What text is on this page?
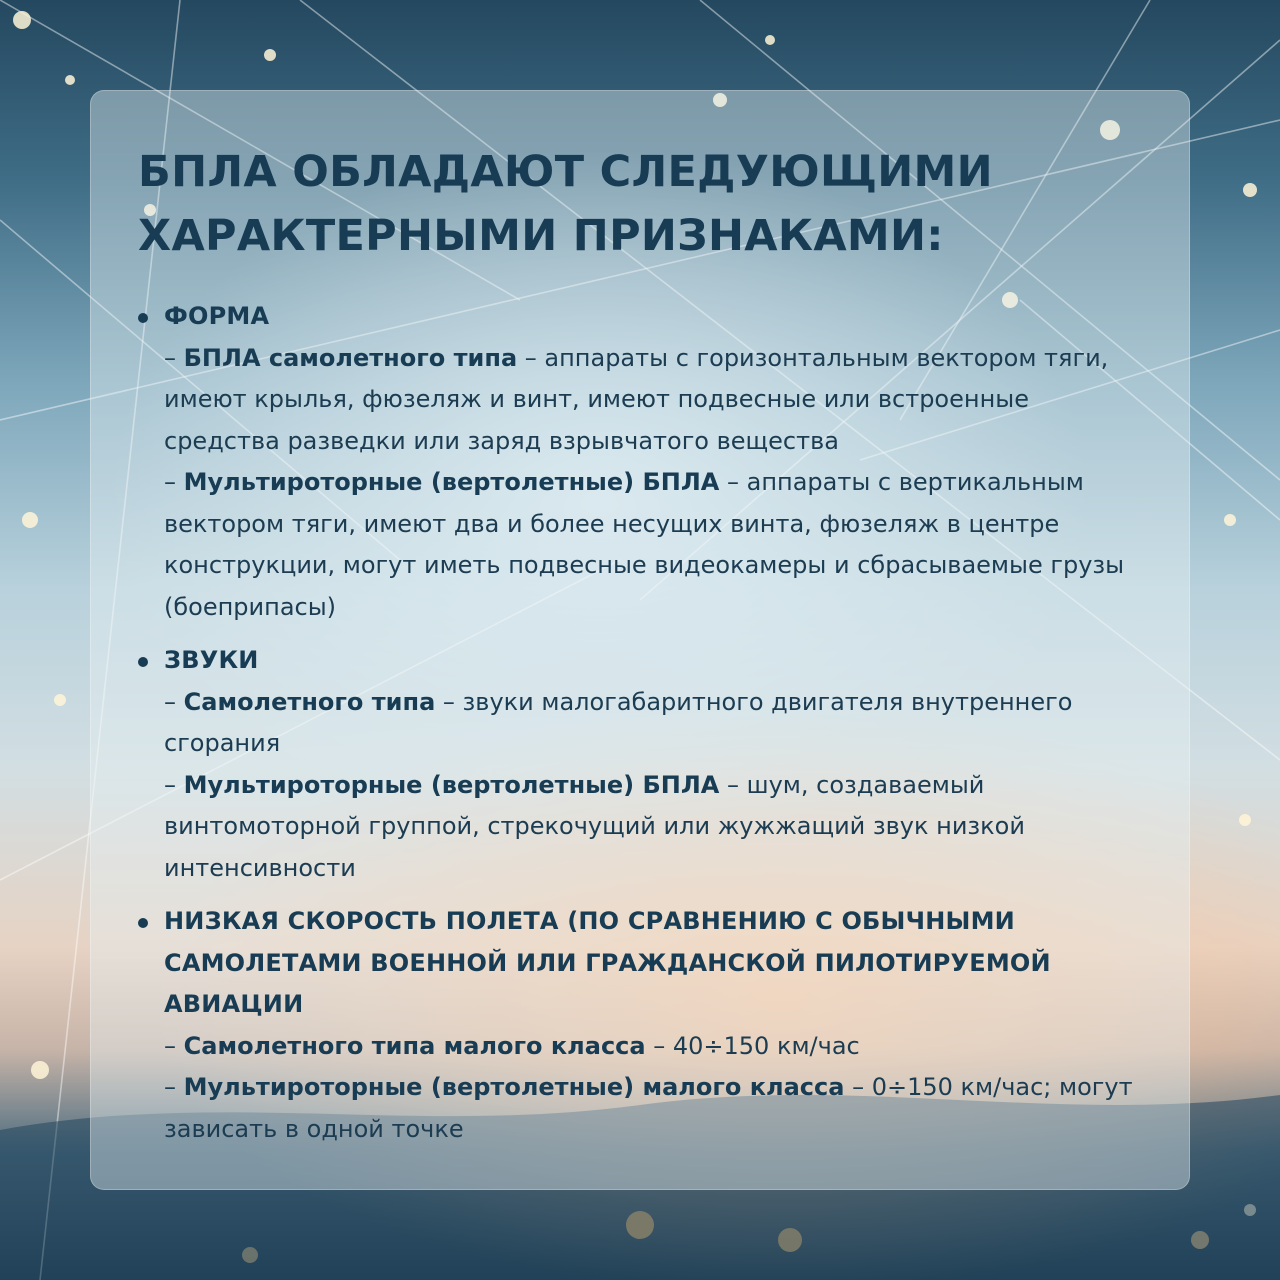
БПЛА ОБЛАДАЮТ СЛЕДУЮЩИМИ ХАРАКТЕРНЫМИ ПРИЗНАКАМИ:
ФОРМА

– БПЛА самолетного типа – аппараты с горизонтальным вектором тяги, имеют крылья, фюзеляж и винт, имеют подвесные или встроенные средства разведки или заряд взрывчатого вещества

– Мультироторные (вертолетные) БПЛА – аппараты с вертикальным вектором тяги, имеют два и более несущих винта, фюзеляж в центре конструкции, могут иметь подвесные видеокамеры и сбрасываемые грузы (боеприпасы)

ЗВУКИ

– Самолетного типа – звуки малогабаритного двигателя внутреннего сгорания

– Мультироторные (вертолетные) БПЛА – шум, создаваемый винтомоторной группой, стрекочущий или жужжащий звук низкой интенсивности

НИЗКАЯ СКОРОСТЬ ПОЛЕТА (ПО СРАВНЕНИЮ С ОБЫЧНЫМИ САМОЛЕТАМИ ВОЕННОЙ ИЛИ ГРАЖДАНСКОЙ ПИЛОТИРУЕМОЙ АВИАЦИИ

– Самолетного типа малого класса – 40÷150 км/час

– Мультироторные (вертолетные) малого класса – 0÷150 км/час; могут зависать в одной точке
